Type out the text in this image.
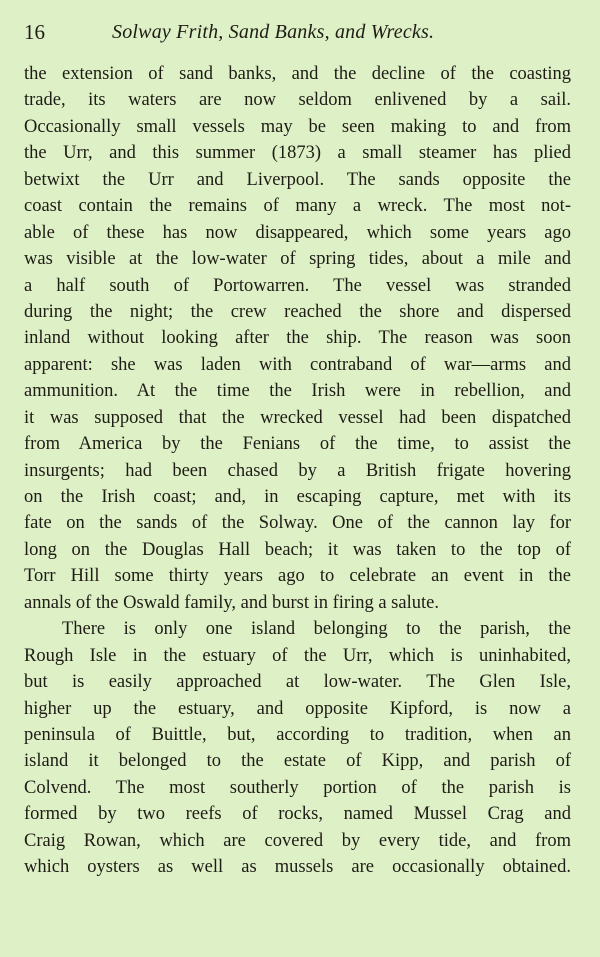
16	Solway Frith, Sand Banks, and Wrecks.
the extension of sand banks, and the decline of the coasting
trade, its waters are now seldom enlivened by a sail.
Occasionally small vessels may be seen making to and from
the Urr, and this summer (1873) a small steamer has plied
betwixt the Urr and Liverpool. The sands opposite the
coast contain the remains of many a wreck. The most not-
able of these has now disappeared, which some years ago
was visible at the low-water of spring tides, about a mile and
a half south of Portowarren. The vessel was stranded
during the night; the crew reached the shore and dispersed
inland without looking after the ship. The reason was soon
apparent: she was laden with contraband of war—arms and
ammunition. At the time the Irish were in rebellion, and
it was supposed that the wrecked vessel had been dispatched
from America by the Fenians of the time, to assist the
insurgents; had been chased by a British frigate hovering
on the Irish coast; and, in escaping capture, met with its
fate on the sands of the Solway. One of the cannon lay for
long on the Douglas Hall beach; it was taken to the top of
Torr Hill some thirty years ago to celebrate an event in the
annals of the Oswald family, and burst in firing a salute.
There is only one island belonging to the parish, the
Rough Isle in the estuary of the Urr, which is uninhabited,
but is easily approached at low-water. The Glen Isle,
higher up the estuary, and opposite Kipford, is now a
peninsula of Buittle, but, according to tradition, when an
island it belonged to the estate of Kipp, and parish of
Colvend. The most southerly portion of the parish is
formed by two reefs of rocks, named Mussel Crag and
Craig Rowan, which are covered by every tide, and from
which oysters as well as mussels are occasionally obtained.
